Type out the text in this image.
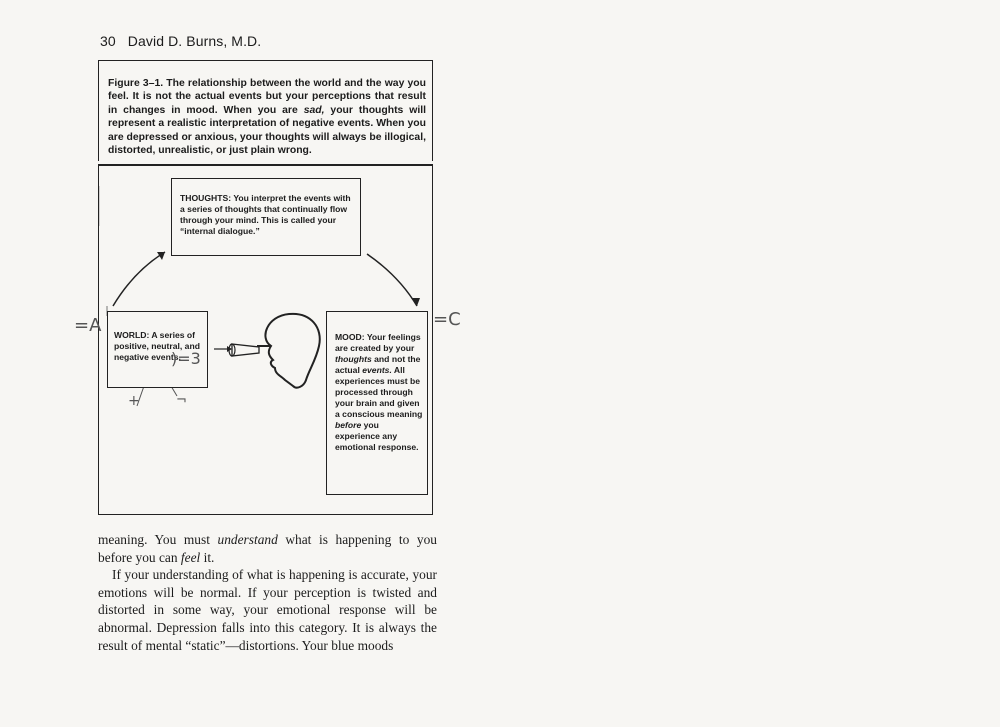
30 David D. Burns, M.D.
Figure 3–1. The relationship between the world and the way you feel. It is not the actual events but your perceptions that result in changes in mood. When you are sad, your thoughts will represent a realistic interpretation of negative events. When you are depressed or anxious, your thoughts will always be illogical, distorted, unrealistic, or just plain wrong.
THOUGHTS: You interpret the events with a series of thoughts that continually flow through your mind. This is called your “internal dialogue.”
WORLD: A series of positive, neutral, and negative events.
MOOD: Your feelings are created by your thoughts and not the actual events. All experiences must be processed through your brain and given a conscious meaning before you experience any emotional response.
=A
)=3
=C
+	¬

meaning. You must understand what is happening to you before you can feel it.

If your understanding of what is happening is accurate, your emotions will be normal. If your perception is twisted and distorted in some way, your emotional response will be abnormal. Depression falls into this category. It is always the result of mental “static”—distortions. Your blue moods
